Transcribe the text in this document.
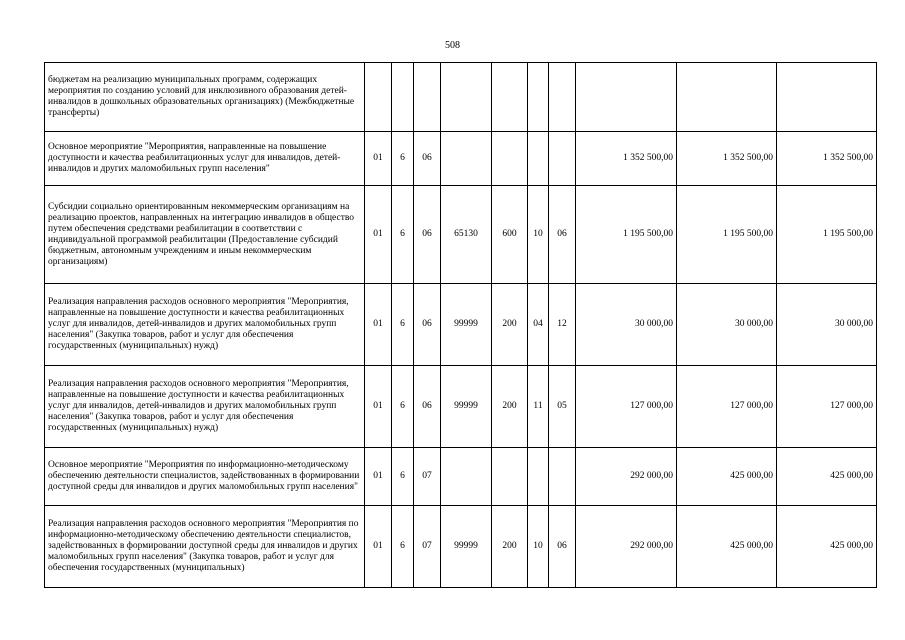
508
бюджетам на реализацию муниципальных программ, содержащих мероприятия по созданию условий для инклюзивного образования детей-инвалидов в дошкольных образовательных организациях) (Межбюджетные трансферты)										
Основное мероприятие "Мероприятия, направленные на повышение доступности и качества реабилитационных услуг для инвалидов, детей-инвалидов и других маломобильных групп населения"	01	6	06					1 352 500,00	1 352 500,00	1 352 500,00
Субсидии социально ориентированным некоммерческим организациям на реализацию проектов, направленных на интеграцию инвалидов в общество путем обеспечения средствами реабилитации в соответствии с индивидуальной программой реабилитации (Предоставление субсидий бюджетным, автономным учреждениям и иным некоммерческим организациям)	01	6	06	65130	600	10	06	1 195 500,00	1 195 500,00	1 195 500,00
Реализация направления расходов основного мероприятия "Мероприятия, направленные на повышение доступности и качества реабилитационных услуг для инвалидов, детей-инвалидов и других маломобильных групп населения" (Закупка товаров, работ и услуг для обеспечения государственных (муниципальных) нужд)	01	6	06	99999	200	04	12	30 000,00	30 000,00	30 000,00
Реализация направления расходов основного мероприятия "Мероприятия, направленные на повышение доступности и качества реабилитационных услуг для инвалидов, детей-инвалидов и других маломобильных групп населения" (Закупка товаров, работ и услуг для обеспечения государственных (муниципальных) нужд)	01	6	06	99999	200	11	05	127 000,00	127 000,00	127 000,00
Основное мероприятие "Мероприятия по информационно-методическому обеспечению деятельности специалистов, задействованных в формировании доступной среды для инвалидов и других маломобильных групп населения"	01	6	07					292 000,00	425 000,00	425 000,00
Реализация направления расходов основного мероприятия "Мероприятия по информационно-методическому обеспечению деятельности специалистов, задействованных в формировании доступной среды для инвалидов и других маломобильных групп населения" (Закупка товаров, работ и услуг для обеспечения государственных (муниципальных)	01	6	07	99999	200	10	06	292 000,00	425 000,00	425 000,00
